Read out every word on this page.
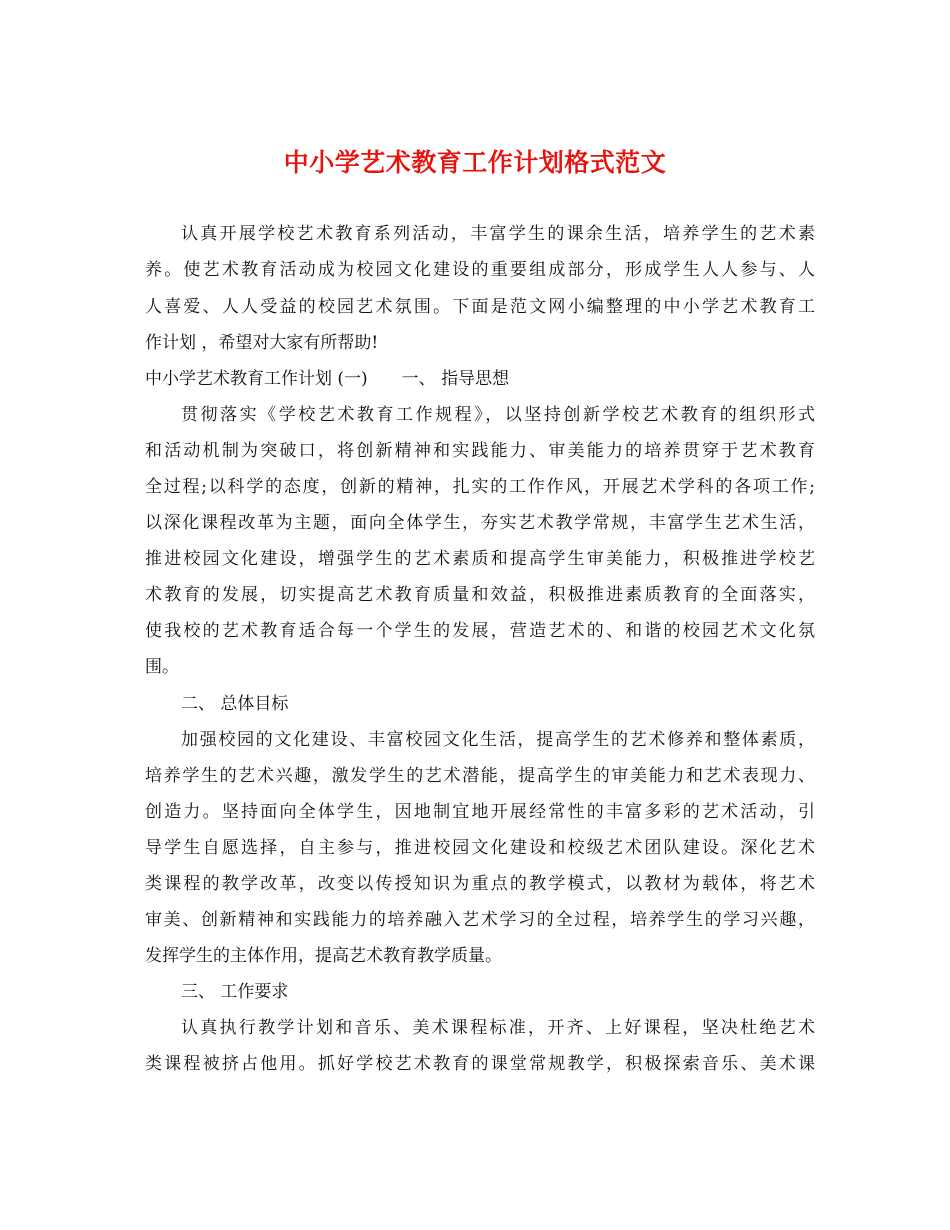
中小学艺术教育工作计划格式范文
认真开展学校艺术教育系列活动，丰富学生的课余生活，培养学生的艺术素
养。使艺术教育活动成为校园文化建设的重要组成部分，形成学生人人参与、人
人喜爱、人人受益的校园艺术氛围。下面是范文网小编整理的中小学艺术教育工
作计划 ，希望对大家有所帮助!
中小学艺术教育工作计划 (一)　　一、 指导思想
贯彻落实《学校艺术教育工作规程》，以坚持创新学校艺术教育的组织形式
和活动机制为突破口，将创新精神和实践能力、审美能力的培养贯穿于艺术教育
全过程;以科学的态度，创新的精神，扎实的工作作风，开展艺术学科的各项工作;
以深化课程改革为主题，面向全体学生，夯实艺术教学常规，丰富学生艺术生活，
推进校园文化建设，增强学生的艺术素质和提高学生审美能力，积极推进学校艺
术教育的发展，切实提高艺术教育质量和效益，积极推进素质教育的全面落实，
使我校的艺术教育适合每一个学生的发展，营造艺术的、和谐的校园艺术文化氛
围。
二、 总体目标
加强校园的文化建设、丰富校园文化生活，提高学生的艺术修养和整体素质，
培养学生的艺术兴趣，激发学生的艺术潜能，提高学生的审美能力和艺术表现力、
创造力。坚持面向全体学生，因地制宜地开展经常性的丰富多彩的艺术活动，引
导学生自愿选择，自主参与，推进校园文化建设和校级艺术团队建设。深化艺术
类课程的教学改革，改变以传授知识为重点的教学模式，以教材为载体，将艺术
审美、创新精神和实践能力的培养融入艺术学习的全过程，培养学生的学习兴趣，
发挥学生的主体作用，提高艺术教育教学质量。
三、 工作要求
认真执行教学计划和音乐、美术课程标准，开齐、上好课程，坚决杜绝艺术
类课程被挤占他用。抓好学校艺术教育的课堂常规教学，积极探索音乐、美术课
